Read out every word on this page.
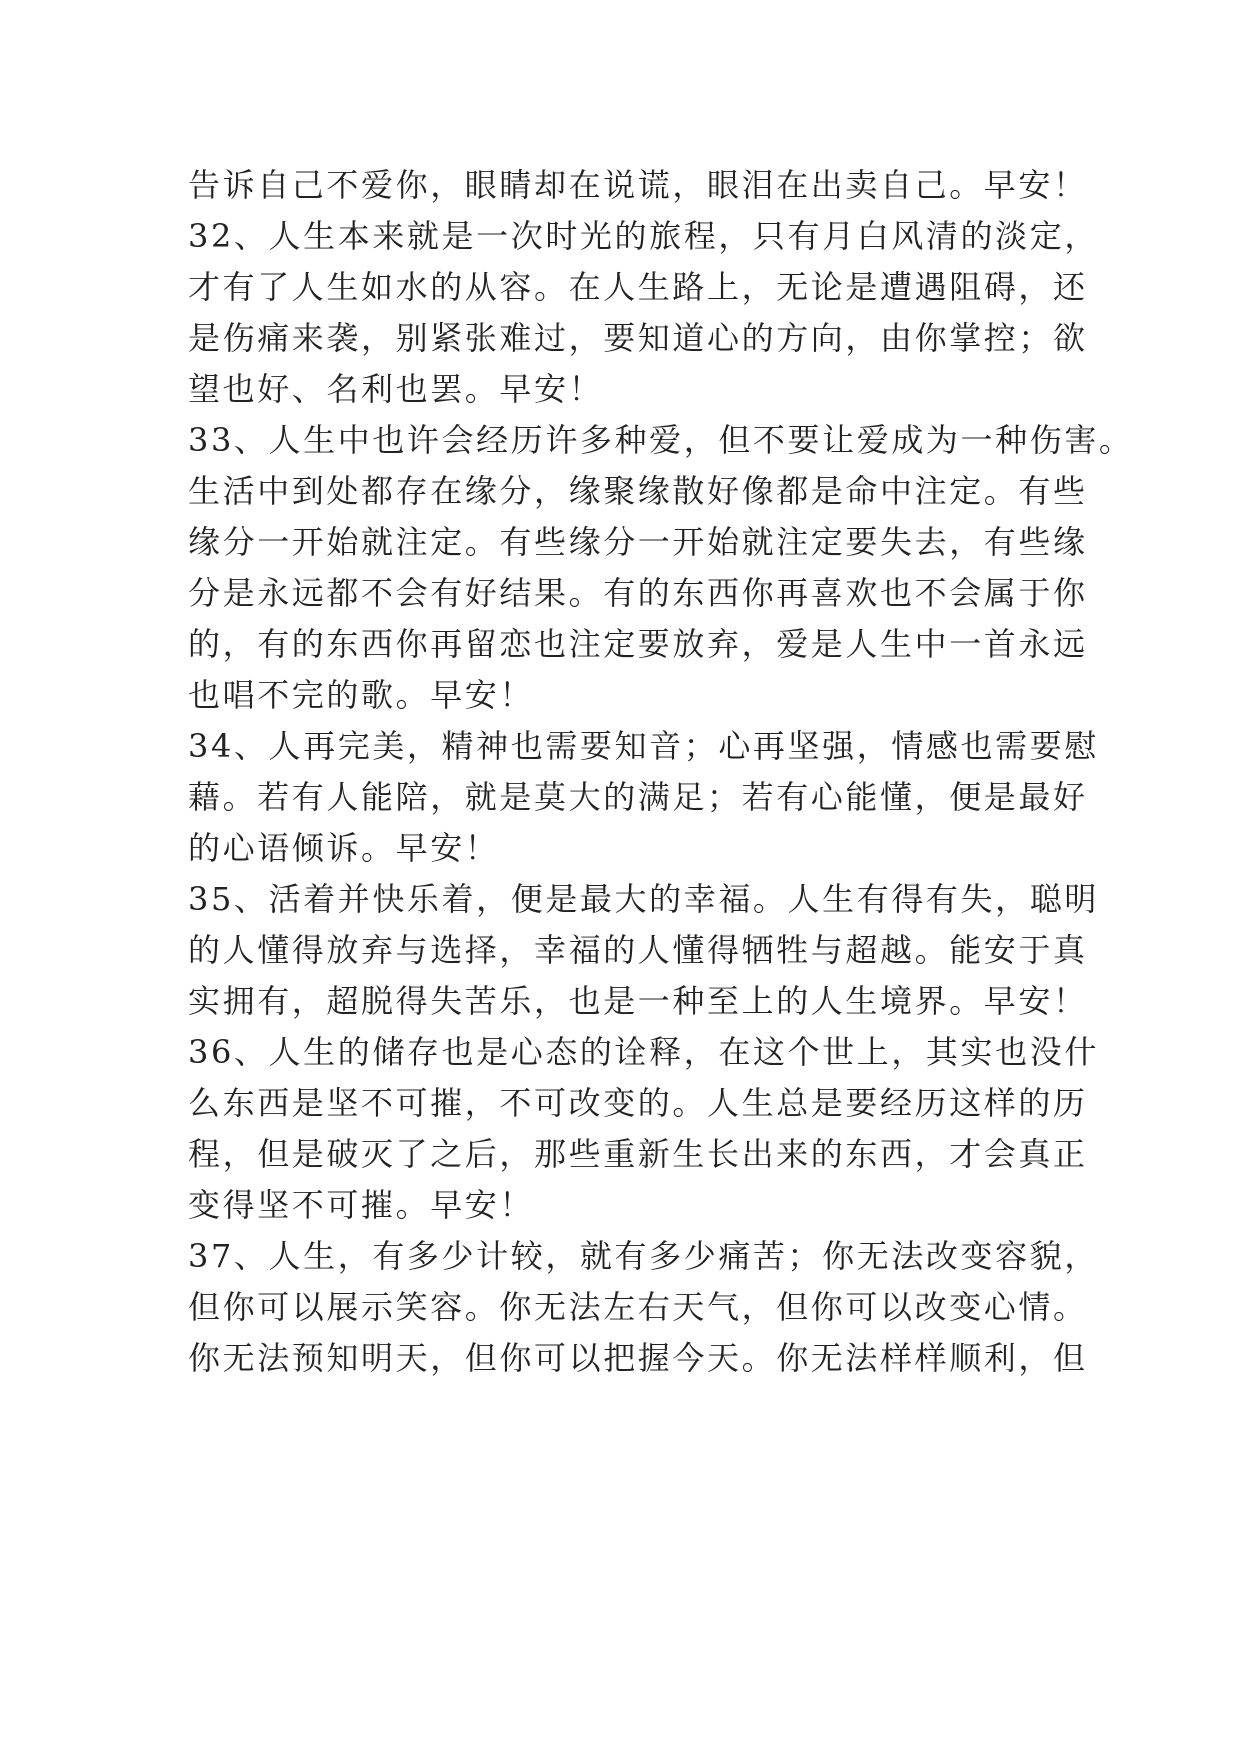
告诉自己不爱你，眼睛却在说谎，眼泪在出卖自己。早安！
32、人生本来就是一次时光的旅程，只有月白风清的淡定，
才有了人生如水的从容。在人生路上，无论是遭遇阻碍，还
是伤痛来袭，别紧张难过，要知道心的方向，由你掌控；欲
望也好、名利也罢。早安！
33、人生中也许会经历许多种爱，但不要让爱成为一种伤害。
生活中到处都存在缘分，缘聚缘散好像都是命中注定。有些
缘分一开始就注定。有些缘分一开始就注定要失去，有些缘
分是永远都不会有好结果。有的东西你再喜欢也不会属于你
的，有的东西你再留恋也注定要放弃，爱是人生中一首永远
也唱不完的歌。早安！
34、人再完美，精神也需要知音；心再坚强，情感也需要慰
藉。若有人能陪，就是莫大的满足；若有心能懂，便是最好
的心语倾诉。早安！
35、活着并快乐着，便是最大的幸福。人生有得有失，聪明
的人懂得放弃与选择，幸福的人懂得牺牲与超越。能安于真
实拥有，超脱得失苦乐，也是一种至上的人生境界。早安！
36、人生的储存也是心态的诠释，在这个世上，其实也没什
么东西是坚不可摧，不可改变的。人生总是要经历这样的历
程，但是破灭了之后，那些重新生长出来的东西，才会真正
变得坚不可摧。早安！
37、人生，有多少计较，就有多少痛苦；你无法改变容貌，
但你可以展示笑容。你无法左右天气，但你可以改变心情。
你无法预知明天，但你可以把握今天。你无法样样顺利，但
